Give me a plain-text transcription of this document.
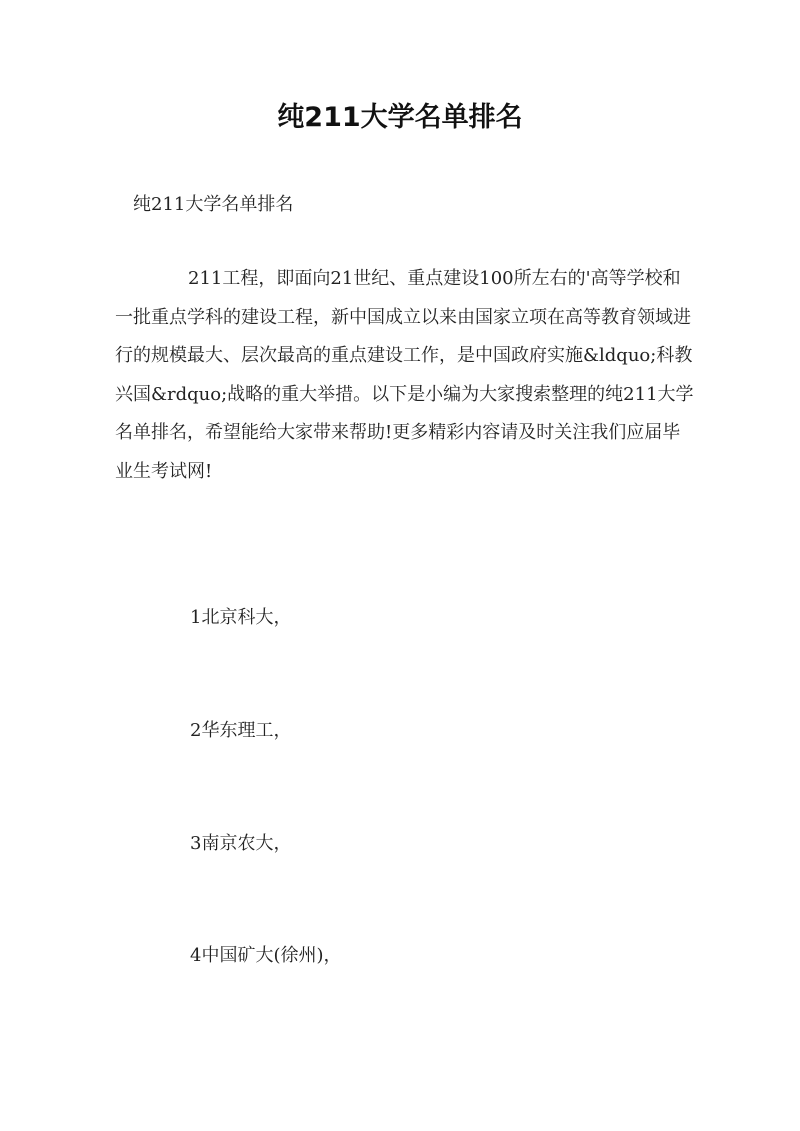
纯211大学名单排名

纯211大学名单排名

211工程，即面向21世纪、重点建设100所左右的'高等学校和一批重点学科的建设工程，新中国成立以来由国家立项在高等教育领域进行的规模最大、层次最高的重点建设工作，是中国政府实施&ldquo;科教兴国&rdquo;战略的重大举措。以下是小编为大家搜索整理的纯211大学名单排名，希望能给大家带来帮助!更多精彩内容请及时关注我们应届毕业生考试网!

1北京科大，

2华东理工，

3南京农大，

4中国矿大(徐州)，
